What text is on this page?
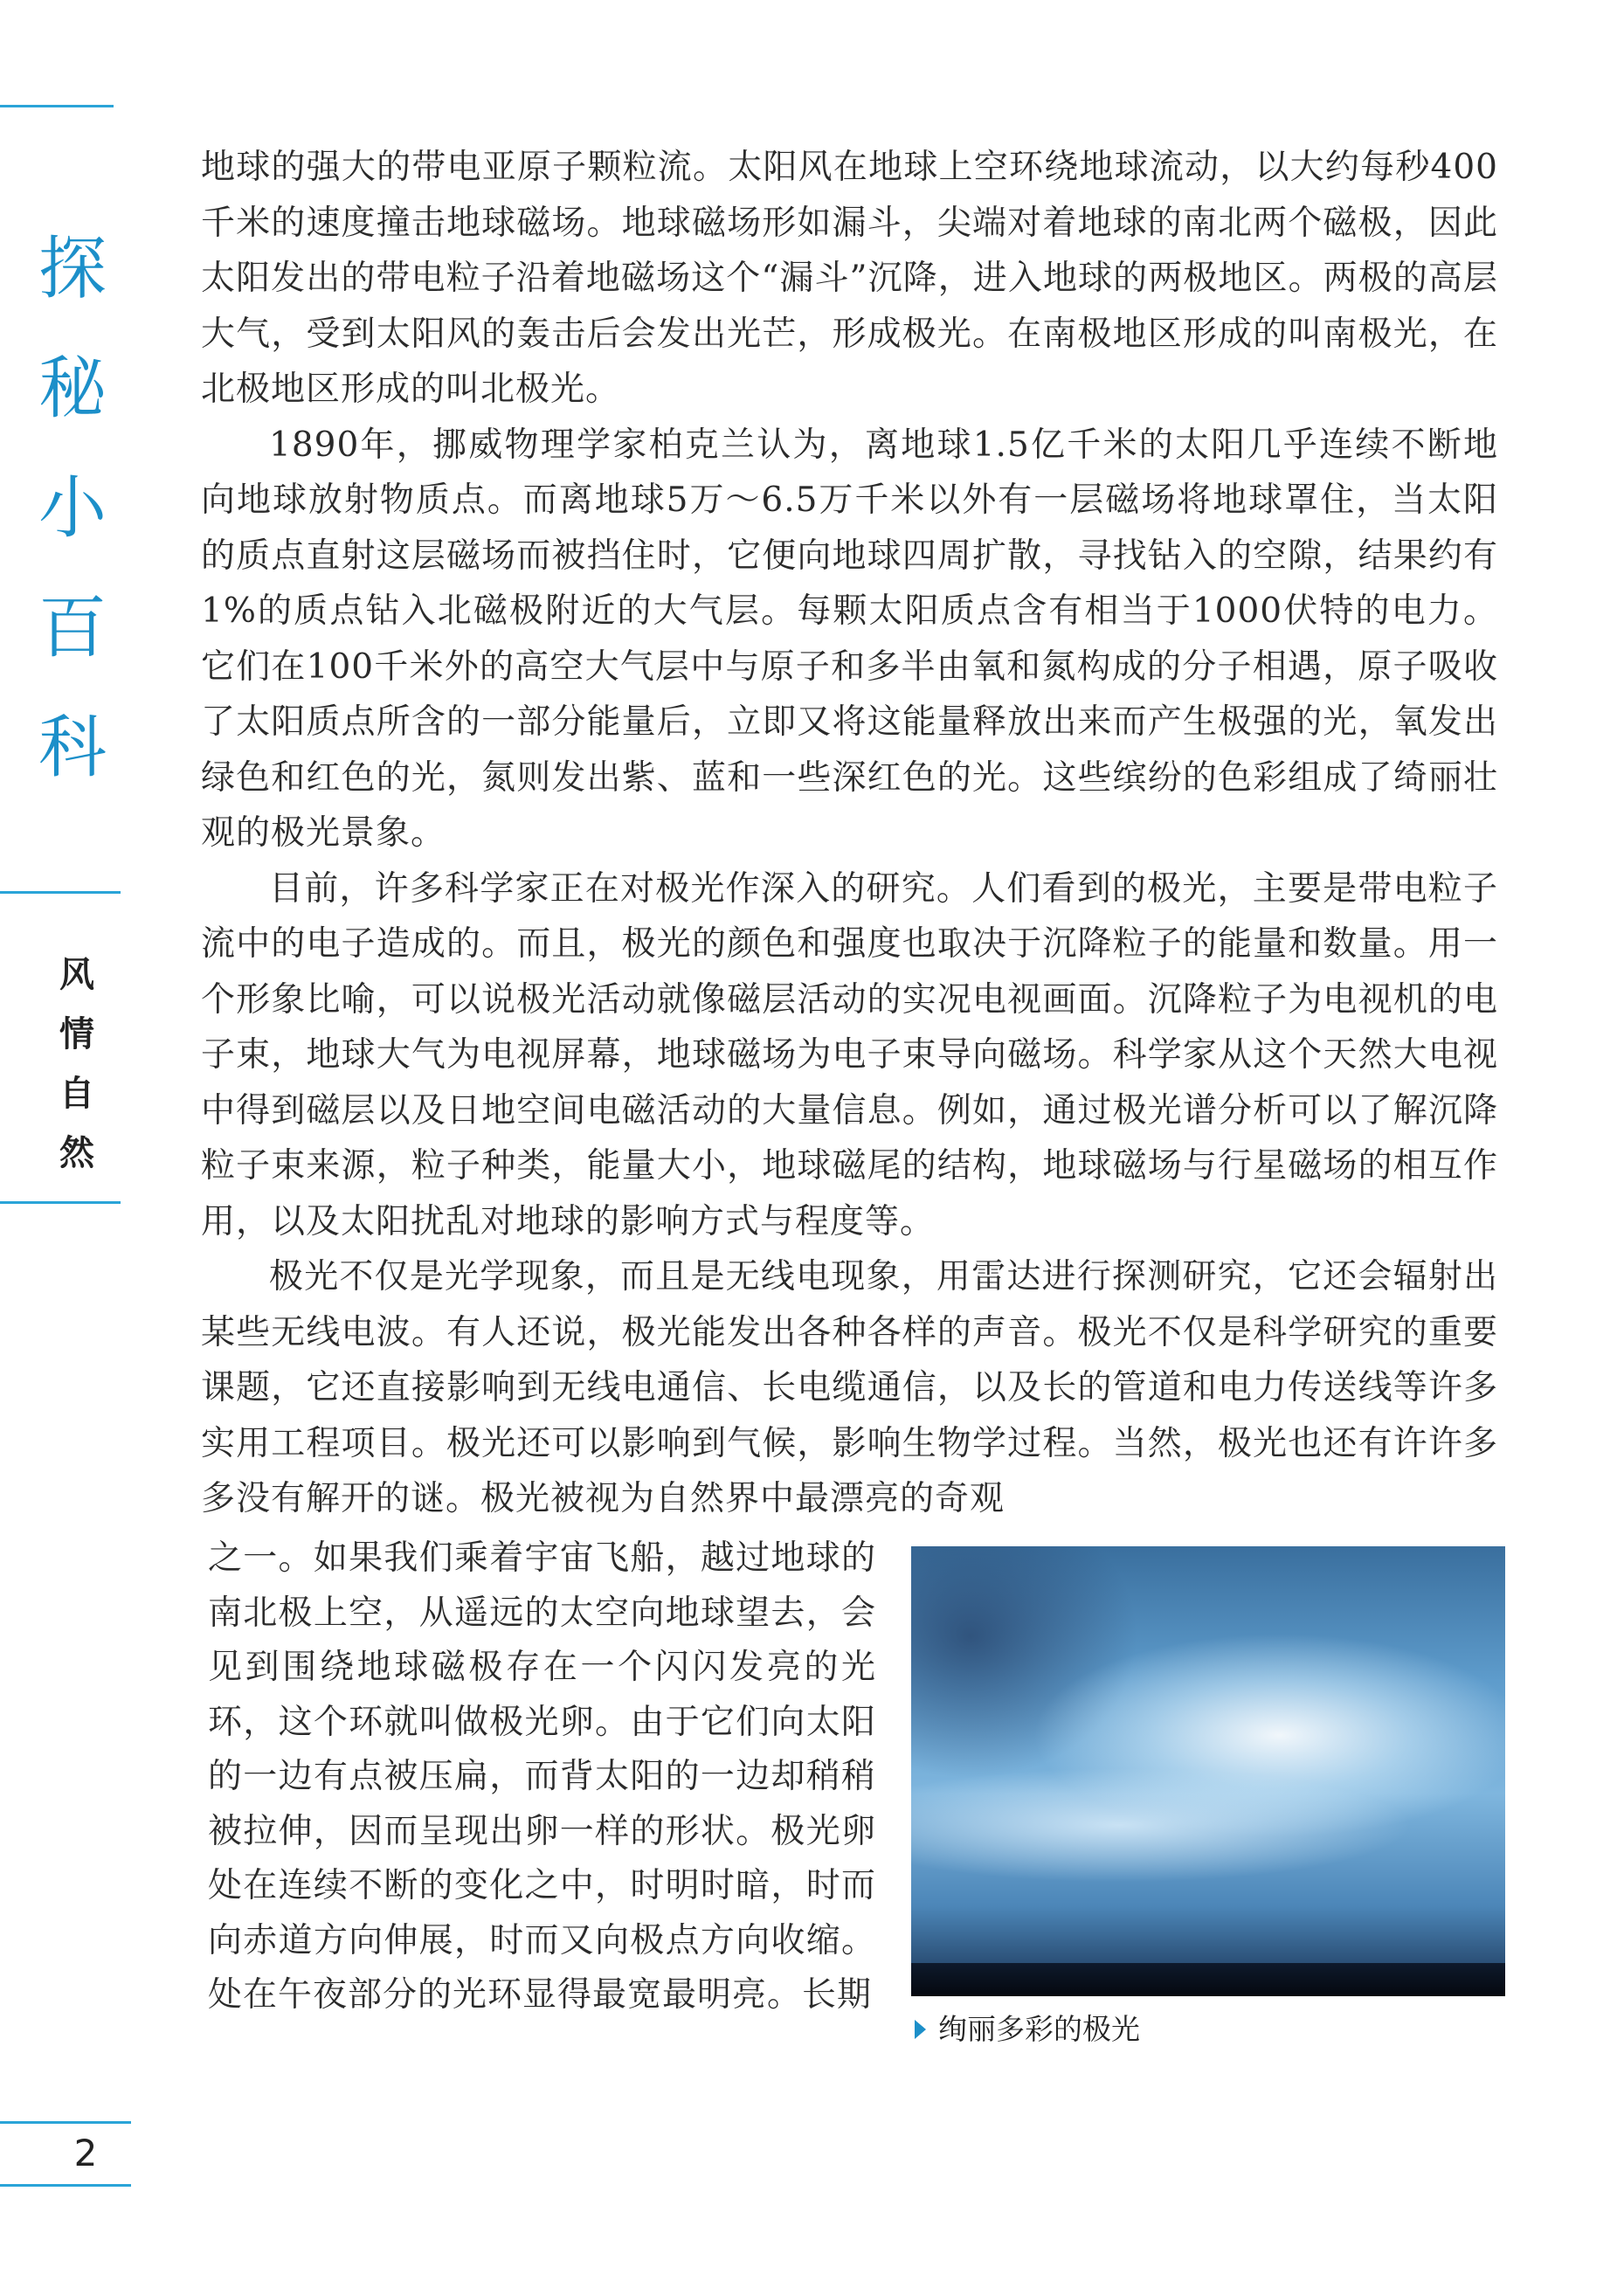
探
秘
小
百
科
风
情
自
然
2

地球的强大的带电亚原子颗粒流。太阳风在地球上空环绕地球流动，以大约每秒400千米的速度撞击地球磁场。地球磁场形如漏斗，尖端对着地球的南北两个磁极，因此太阳发出的带电粒子沿着地磁场这个“漏斗”沉降，进入地球的两极地区。两极的高层大气，受到太阳风的轰击后会发出光芒，形成极光。在南极地区形成的叫南极光，在北极地区形成的叫北极光。

1890年，挪威物理学家柏克兰认为，离地球1.5亿千米的太阳几乎连续不断地向地球放射物质点。而离地球5万～6.5万千米以外有一层磁场将地球罩住，当太阳的质点直射这层磁场而被挡住时，它便向地球四周扩散，寻找钻入的空隙，结果约有1%的质点钻入北磁极附近的大气层。每颗太阳质点含有相当于1000伏特的电力。它们在100千米外的高空大气层中与原子和多半由氧和氮构成的分子相遇，原子吸收了太阳质点所含的一部分能量后，立即又将这能量释放出来而产生极强的光，氧发出绿色和红色的光，氮则发出紫、蓝和一些深红色的光。这些缤纷的色彩组成了绮丽壮观的极光景象。

目前，许多科学家正在对极光作深入的研究。人们看到的极光，主要是带电粒子流中的电子造成的。而且，极光的颜色和强度也取决于沉降粒子的能量和数量。用一个形象比喻，可以说极光活动就像磁层活动的实况电视画面。沉降粒子为电视机的电子束，地球大气为电视屏幕，地球磁场为电子束导向磁场。科学家从这个天然大电视中得到磁层以及日地空间电磁活动的大量信息。例如，通过极光谱分析可以了解沉降粒子束来源，粒子种类，能量大小，地球磁尾的结构，地球磁场与行星磁场的相互作用，以及太阳扰乱对地球的影响方式与程度等。

极光不仅是光学现象，而且是无线电现象，用雷达进行探测研究，它还会辐射出某些无线电波。有人还说，极光能发出各种各样的声音。极光不仅是科学研究的重要课题，它还直接影响到无线电通信、长电缆通信，以及长的管道和电力传送线等许多实用工程项目。极光还可以影响到气候，影响生物学过程。当然，极光也还有许许多多没有解开的谜。极光被视为自然界中最漂亮的奇观

之一。如果我们乘着宇宙飞船，越过地球的南北极上空，从遥远的太空向地球望去，会见到围绕地球磁极存在一个闪闪发亮的光环，这个环就叫做极光卵。由于它们向太阳的一边有点被压扁，而背太阳的一边却稍稍被拉伸，因而呈现出卵一样的形状。极光卵处在连续不断的变化之中，时明时暗，时而向赤道方向伸展，时而又向极点方向收缩。处在午夜部分的光环显得最宽最明亮。长期

绚丽多彩的极光
